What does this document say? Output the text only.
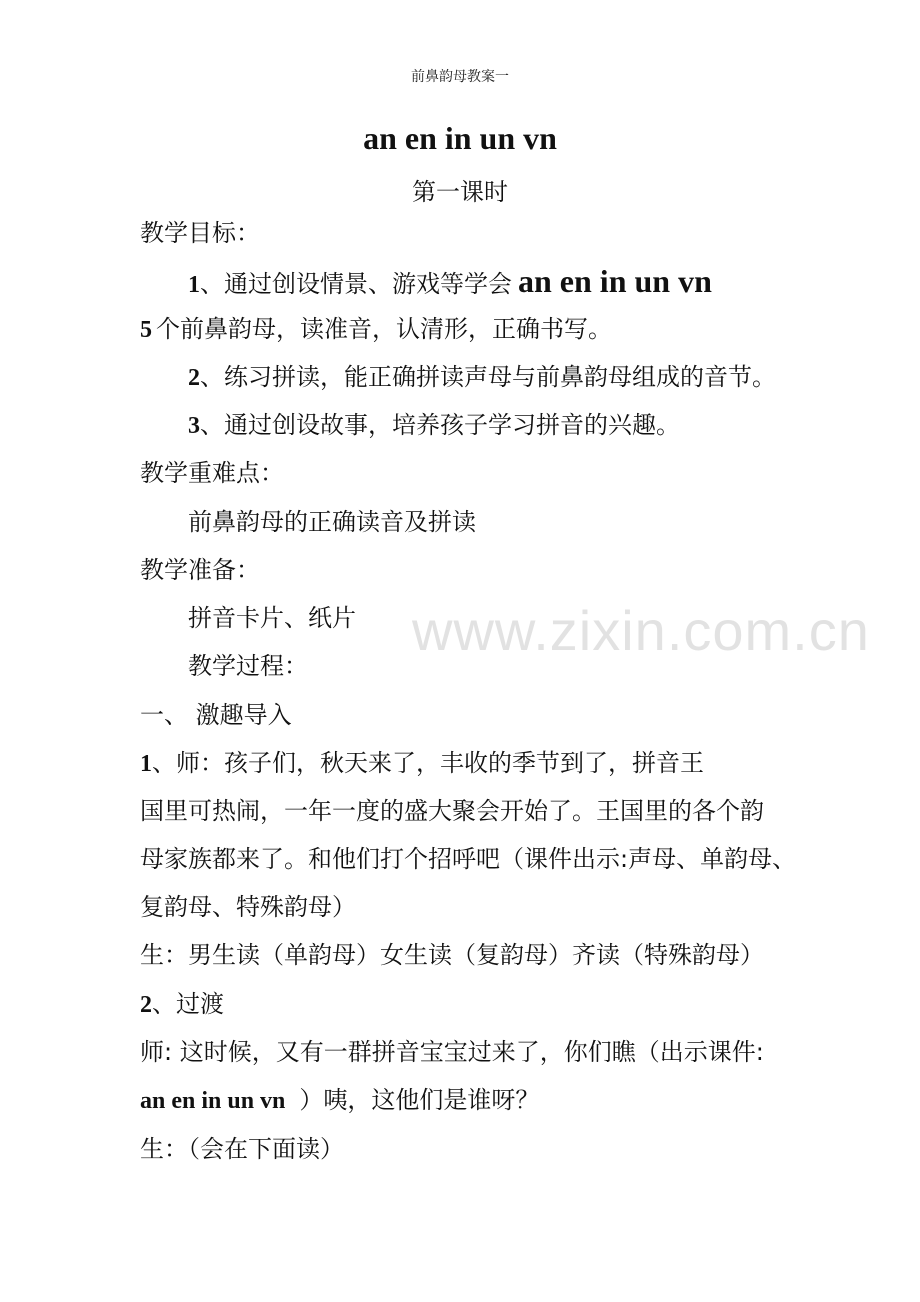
前鼻韵母教案一
an en in un vn
第一课时
教学目标：
1、通过创设情景、游戏等学会 an en in un vn
5 个前鼻韵母，读准音，认清形，正确书写。
2、练习拼读，能正确拼读声母与前鼻韵母组成的音节。
3、通过创设故事，培养孩子学习拼音的兴趣。
教学重难点：
前鼻韵母的正确读音及拼读
教学准备：
拼音卡片、纸片 www.zixin.com.cn
教学过程：
一、 激趣导入
1、师：孩子们，秋天来了，丰收的季节到了，拼音王
国里可热闹，一年一度的盛大聚会开始了。王国里的各个韵
母家族都来了。和他们打个招呼吧（课件出示:声母、单韵母、
复韵母、特殊韵母）
生：男生读（单韵母）女生读（复韵母）齐读（特殊韵母）
2、过渡
师: 这时候，又有一群拼音宝宝过来了，你们瞧（出示课件:
an en in un vn ）咦，这他们是谁呀？
生：（会在下面读）
